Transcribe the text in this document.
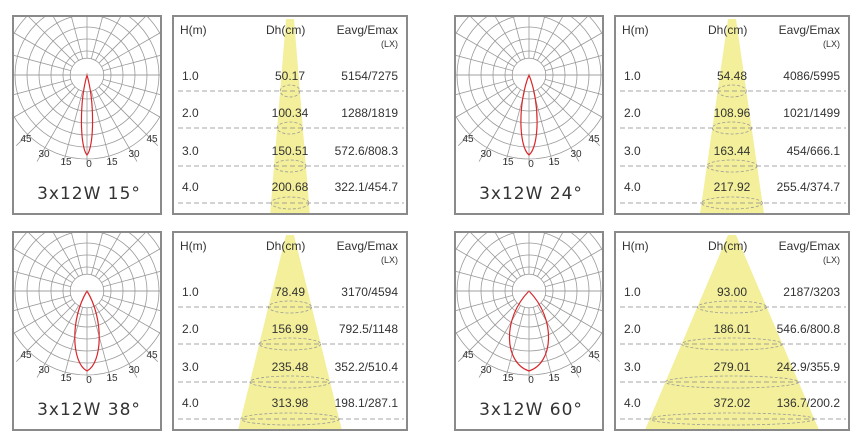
45
30
15 0 15
30
45
3x12W 15°
H(m)	Dh(cm)	Eavg/Emax
(LX)
1.0	50.17	5154/7275
2.0	100.34	1288/1819
3.0	150.51	572.6/808.3
4.0	200.68	322.1/454.7
45
30
15 0 15
30
45
3x12W 24°
H(m)	Dh(cm)	Eavg/Emax
(LX)
1.0	54.48	4086/5995
2.0	108.96	1021/1499
3.0	163.44	454/666.1
4.0	217.92	255.4/374.7
45
30
15 0 15
30
45
3x12W 38°
H(m)	Dh(cm)	Eavg/Emax
(LX)
1.0	78.49	3170/4594
2.0	156.99	792.5/1148
3.0	235.48	352.2/510.4
4.0	313.98	198.1/287.1
45
30
15 0 15
30
45
3x12W 60°
H(m)	Dh(cm)	Eavg/Emax
(LX)
1.0	93.00	2187/3203
2.0	186.01	546.6/800.8
3.0	279.01	242.9/355.9
4.0	372.02	136.7/200.2
